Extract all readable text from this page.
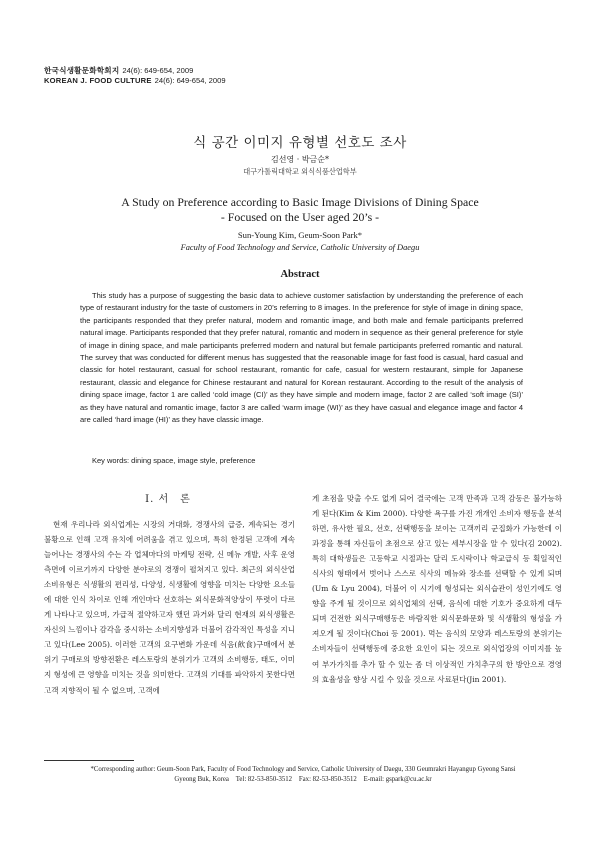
한국식생활문화학회지 24(6): 649-654, 2009
KOREAN J. FOOD CULTURE 24(6): 649-654, 2009
식 공간 이미지 유형별 선호도 조사
김선영 · 박금순*
대구가톨릭대학교 외식식품산업학부
A Study on Preference according to Basic Image Divisions of Dining Space
- Focused on the User aged 20’s -
Sun-Young Kim, Geum-Soon Park*
Faculty of Food Technology and Service, Catholic University of Daegu
Abstract
This study has a purpose of suggesting the basic data to achieve customer satisfaction by understanding the preference of each type of restaurant industry for the taste of customers in 20’s referring to 8 images. In the preference for style of image in dining space, the participants responded that they prefer natural, modern and romantic image, and both male and female participants preferred natural image. Participants responded that they prefer natural, romantic and modern in sequence as their general preference for style of image in dining space, and male participants preferred modern and natural but female participants preferred romantic and natural. The survey that was conducted for different menus has suggested that the reasonable image for fast food is casual, hard casual and classic for hotel restaurant, casual for school restaurant, romantic for cafe, casual for western restaurant, simple for Japanese restaurant, classic and elegance for Chinese restaurant and natural for Korean restaurant. According to the result of the analysis of dining space image, factor 1 are called ‘cold image (CI)’ as they have simple and modern image, factor 2 are called ‘soft image (SI)’ as they have natural and romantic image, factor 3 are called ‘warm image (WI)’ as they have casual and elegance image and factor 4 are called ‘hard image (HI)’ as they have classic image.
Key words: dining space, image style, preference
I. 서　론
현재 우리나라 외식업계는 시장의 거대화, 경쟁사의 급증, 계속되는 경기 불황으로 인해 고객 유치에 어려움을 겪고 있으며, 특히 한정된 고객에 계속 늘어나는 경쟁사의 수는 각 업체마다의 마케팅 전략, 신 메뉴 개발, 사후 운영측면에 이르기까지 다양한 분야로의 경쟁이 펼쳐지고 있다. 최근의 외식산업 소비유형은 식생활의 편리성, 다양성, 식생활에 영향을 미치는 다양한 요소들에 대한 인식 차이로 인해 개인마다 선호하는 외식문화적양상이 뚜렷이 다르게 나타나고 있으며, 가급적 절약하고자 했던 과거와 달리 현재의 외식생활은 자신의 느낌이나 감각을 중시하는 소비지향성과 더불어 감각적인 특성을 지니고 있다(Lee 2005). 이러한 고객의 요구변화 가운데 식음(飮食)구매에서 분위기 구매로의 방향전환은 레스토랑의 분위기가 고객의 소비행동, 태도, 이미지 형성에 큰 영향을 미치는 것을 의미한다. 고객의 기대를 파악하지 못한다면 고객 지향적이 될 수 없으며, 고객에
게 초점을 맞출 수도 없게 되어 결국에는 고객 만족과 고객 감동은 불가능하게 된다(Kim & Kim 2000). 다양한 욕구를 가진 개개인 소비자 행동을 분석하면, 유사한 필요, 선호, 선택행동을 보이는 고객끼리 군집화가 가능한데 이 과정을 통해 자신들이 초점으로 삼고 있는 세부시장을 알 수 있다(김 2002). 특히 대학생들은 고등학교 시절과는 달리 도시락이나 학교급식 등 획일적인 식사의 형태에서 벗어나 스스로 식사의 메뉴와 장소를 선택할 수 있게 되며(Um & Lyu 2004), 더불어 이 시기에 형성되는 외식습관이 성인기에도 영향을 주게 될 것이므로 외식업체의 선택, 음식에 대한 기호가 중요하게 대두되며 건전한 외식구매행동은 바람직한 외식문화문화 및 식생활의 형성을 가져오게 될 것이다(Choi 등 2001). 먹는 음식의 모양과 레스토랑의 분위기는 소비자들이 선택행동에 중요한 요인이 되는 것으로 외식업장의 이미지를 높여 부가가치를 추가 할 수 있는 좀 더 이상적인 가치추구의 한 방안으로 경영의 효율성을 향상 시킬 수 있을 것으로 사료된다(Jin 2001).
*Corresponding author: Geum-Soon Park, Faculty of Food Technology and Service, Catholic University of Daegu, 330 Geumrakri Hayangup Gyeong Sansi
Gyeong Buk, Korea　Tel: 82-53-850-3512　Fax: 82-53-850-3512　E-mail: gspark@cu.ac.kr
